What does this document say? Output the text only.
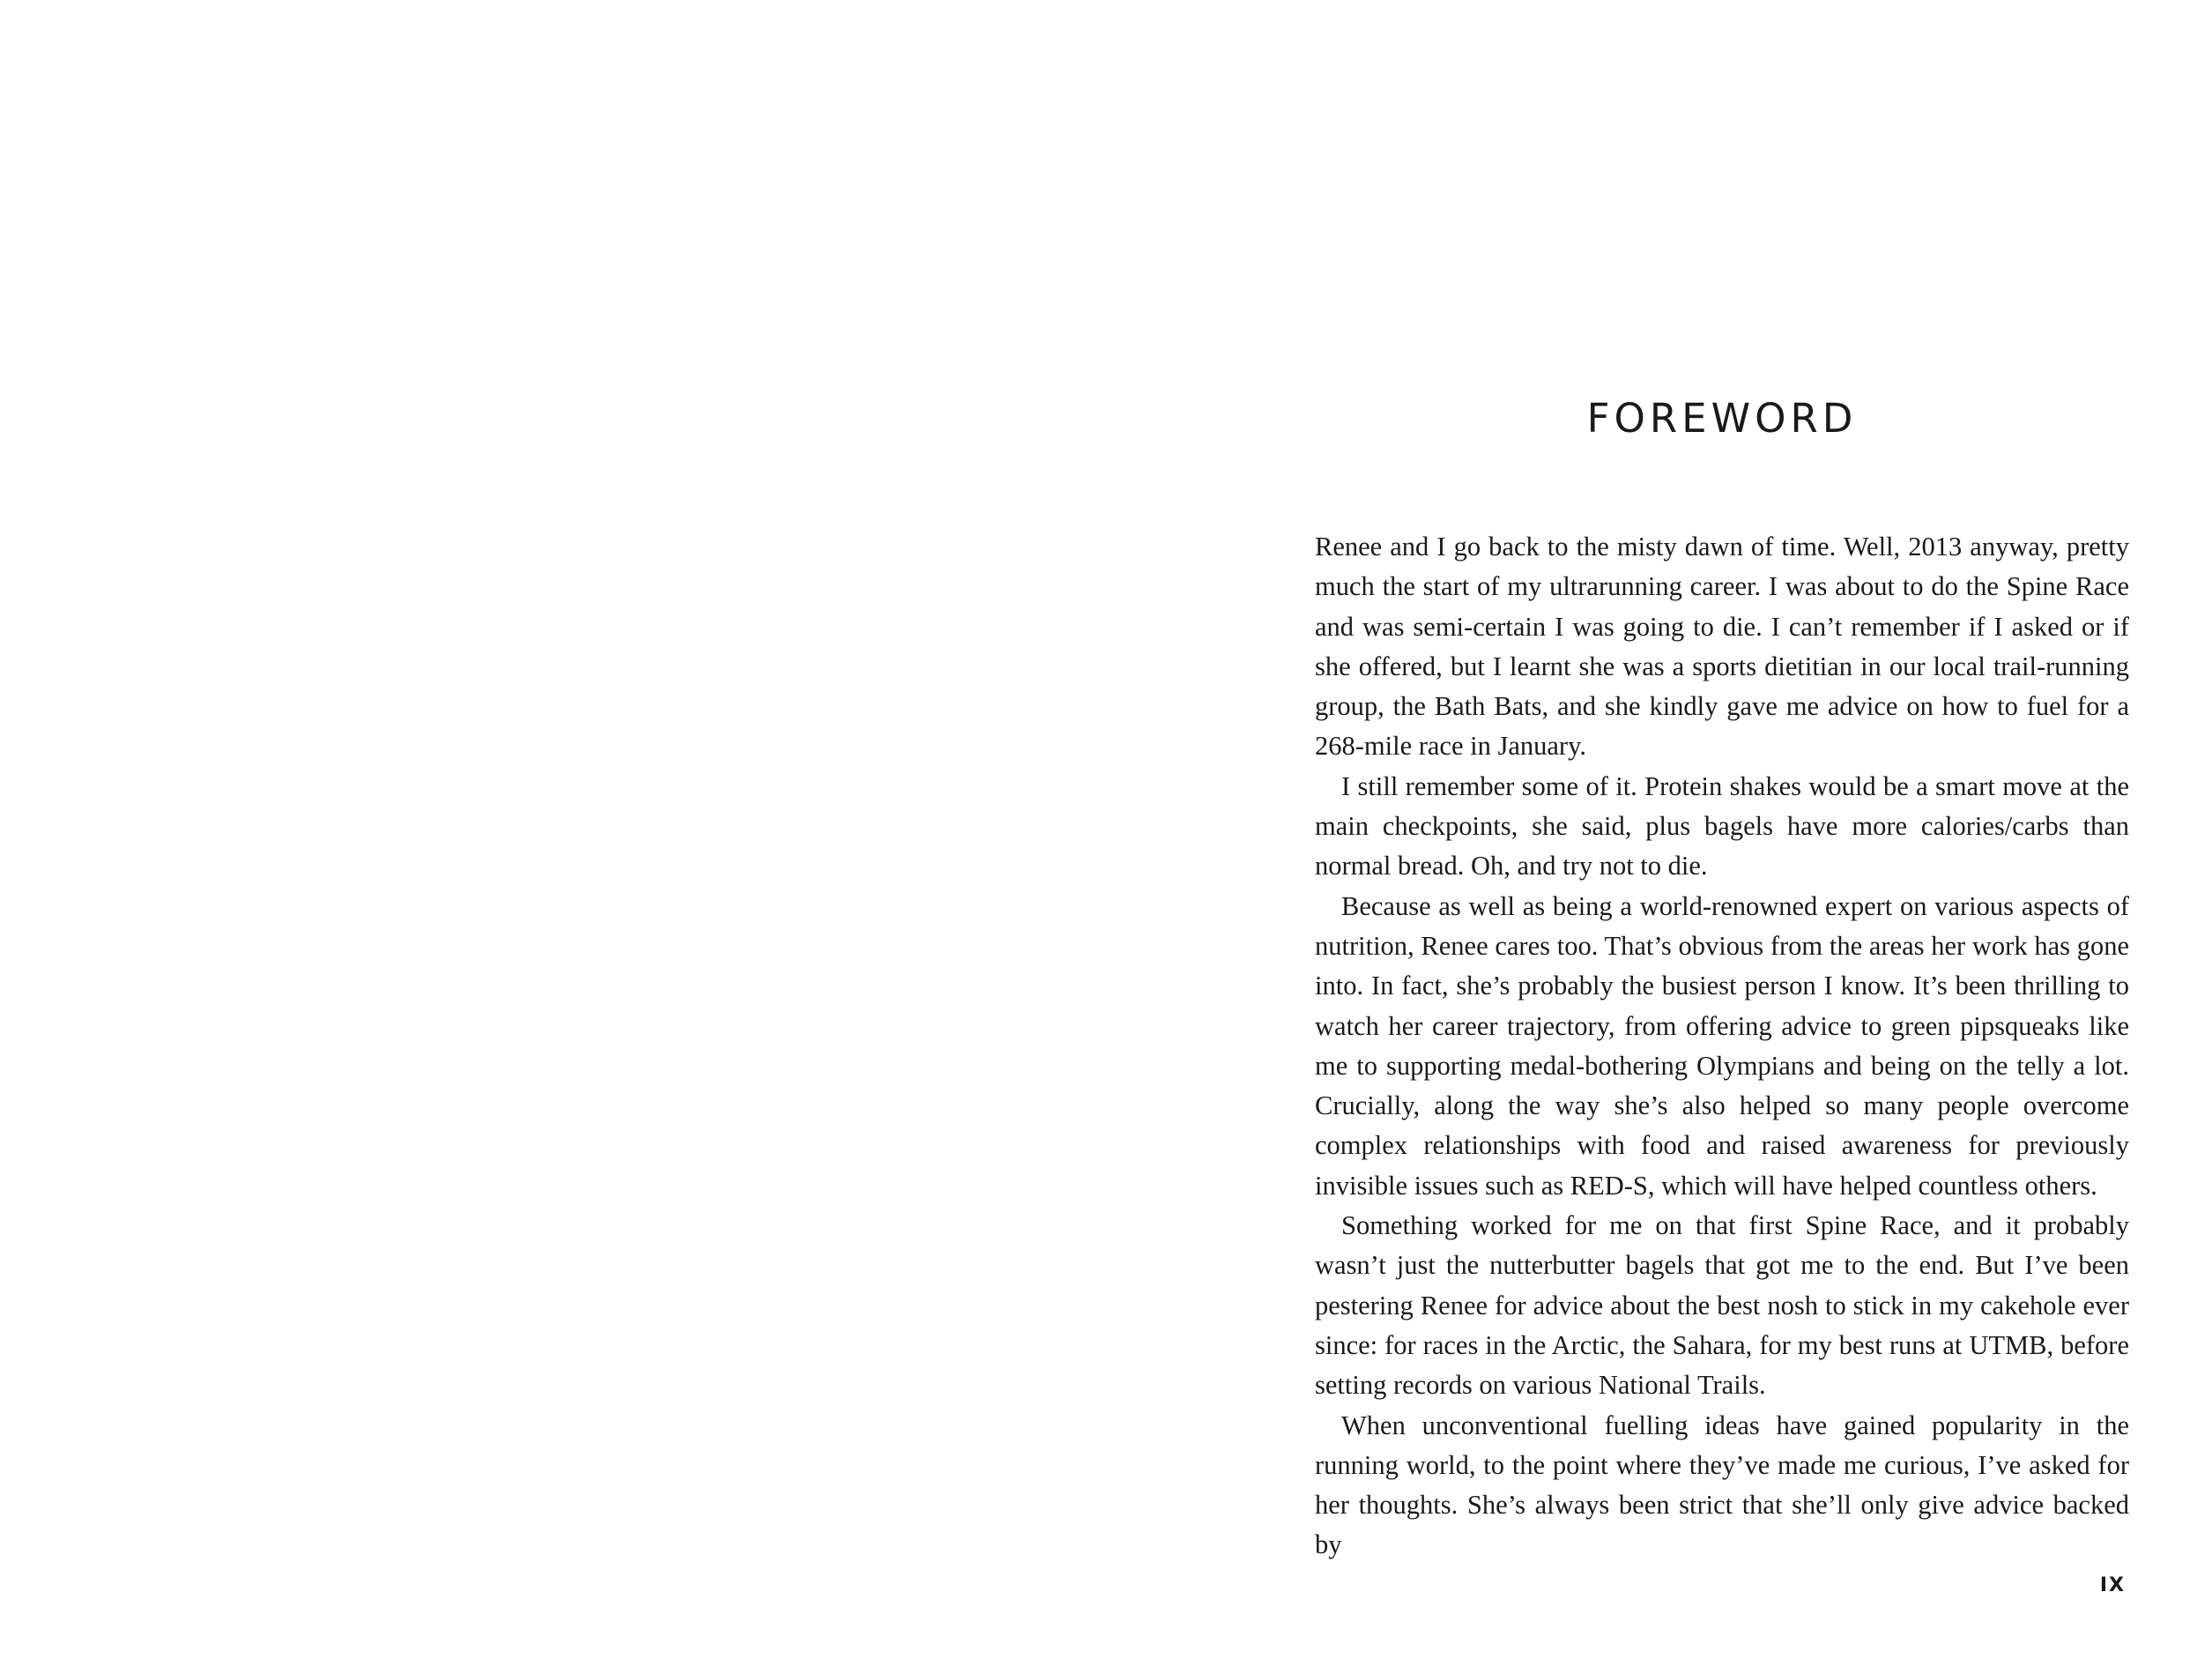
FOREWORD

Renee and I go back to the misty dawn of time. Well, 2013 anyway, pretty much the start of my ultrarunning career. I was about to do the Spine Race and was semi-certain I was going to die. I can’t remember if I asked or if she offered, but I learnt she was a sports dietitian in our local trail-running group, the Bath Bats, and she kindly gave me advice on how to fuel for a 268-mile race in January.

I still remember some of it. Protein shakes would be a smart move at the main checkpoints, she said, plus bagels have more calories/carbs than normal bread. Oh, and try not to die.

Because as well as being a world-renowned expert on various aspects of nutrition, Renee cares too. That’s obvious from the areas her work has gone into. In fact, she’s probably the busiest person I know. It’s been thrilling to watch her career trajectory, from offering advice to green pipsqueaks like me to supporting medal-bothering Olympians and being on the telly a lot. Crucially, along the way she’s also helped so many people overcome complex relationships with food and raised awareness for previously invisible issues such as RED-S, which will have helped countless others.

Something worked for me on that first Spine Race, and it probably wasn’t just the nutterbutter bagels that got me to the end. But I’ve been pestering Renee for advice about the best nosh to stick in my cakehole ever since: for races in the Arctic, the Sahara, for my best runs at UTMB, before setting records on various National Trails.

When unconventional fuelling ideas have gained popularity in the running world, to the point where they’ve made me curious, I’ve asked for her thoughts. She’s always been strict that she’ll only give advice backed by

IX
